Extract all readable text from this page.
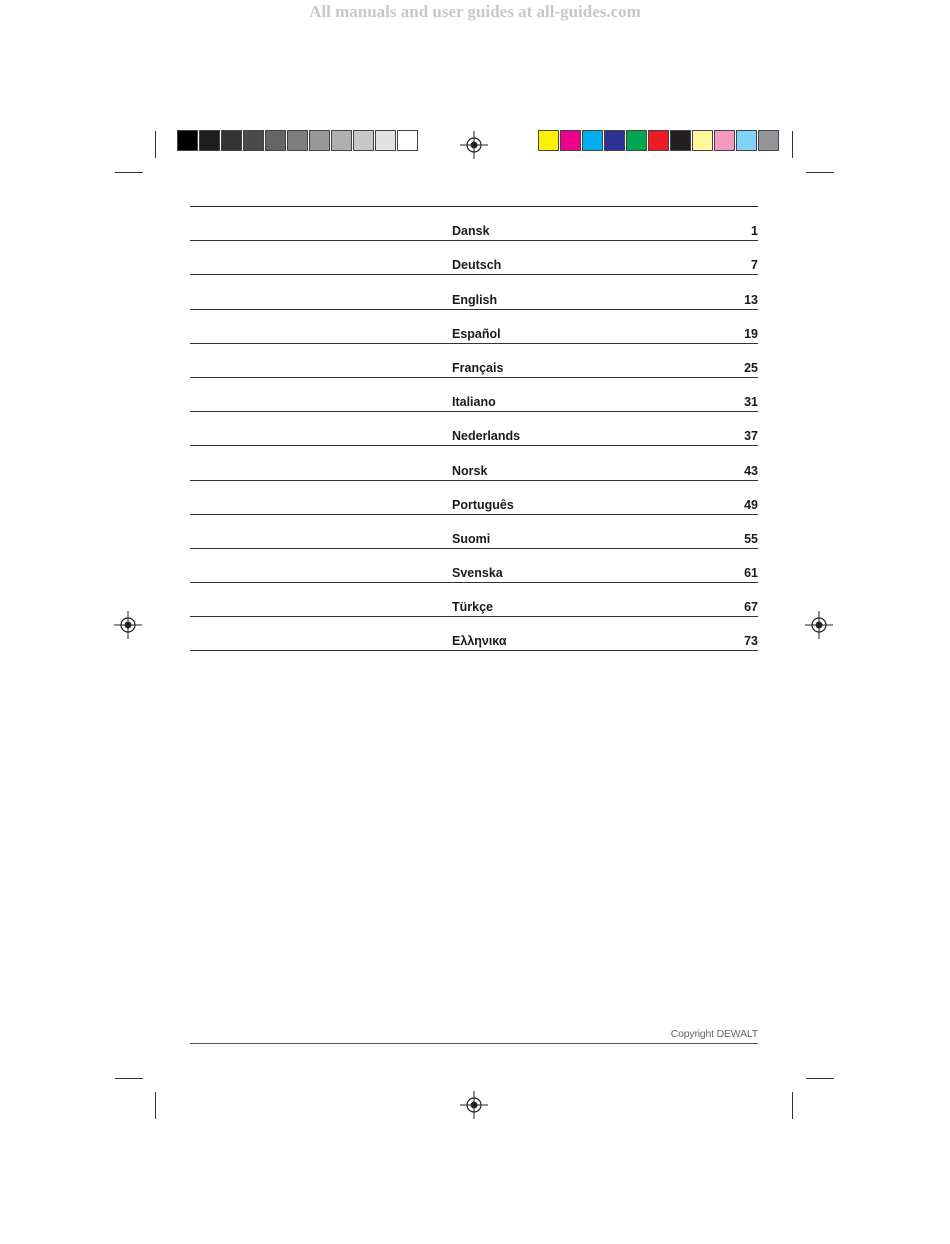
All manuals and user guides at all-guides.com
Dansk	1
Deutsch	7
English	13
Español	19
Français	25
Italiano	31
Nederlands	37
Norsk	43
Português	49
Suomi	55
Svenska	61
Türkçe	67
Ελληνικα	73
Copyright DEWALT
